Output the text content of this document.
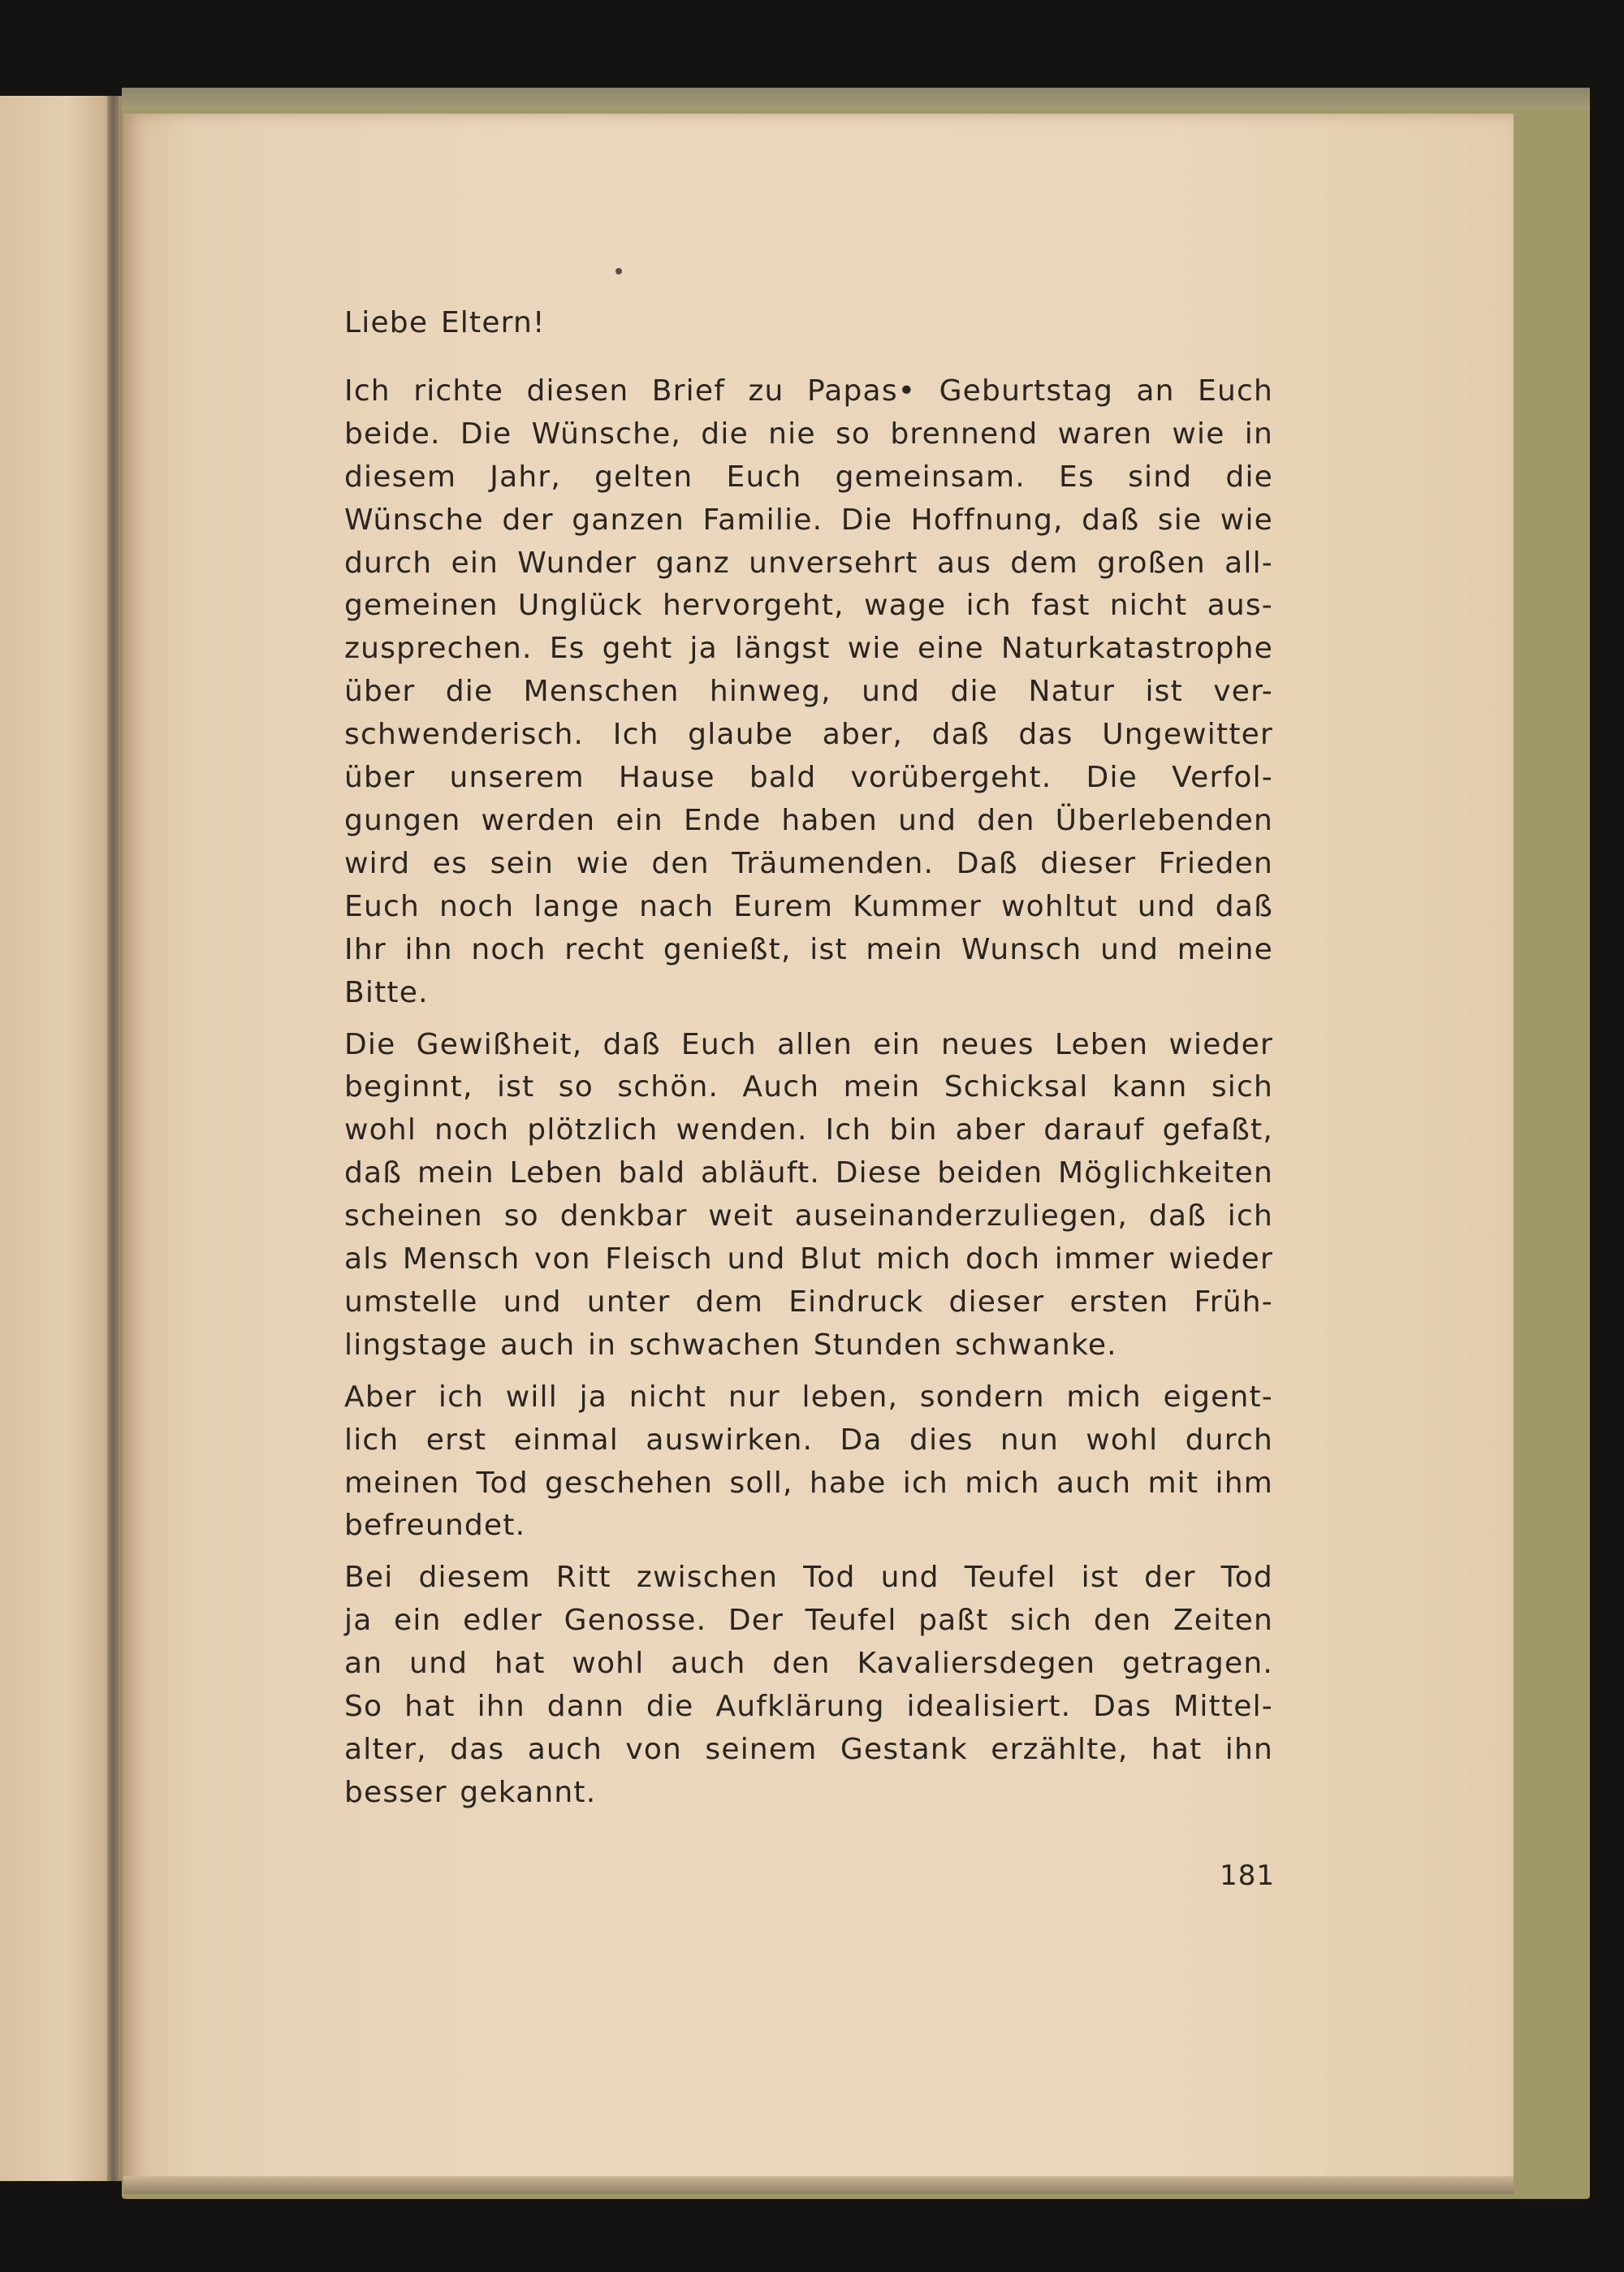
Liebe Eltern!
Ich richte diesen Brief zu Papas• Geburtstag an Euch
beide. Die Wünsche, die nie so brennend waren wie in
diesem Jahr, gelten Euch gemeinsam. Es sind die
Wünsche der ganzen Familie. Die Hoffnung, daß sie wie
durch ein Wunder ganz unversehrt aus dem großen all-
gemeinen Unglück hervorgeht, wage ich fast nicht aus-
zusprechen. Es geht ja längst wie eine Naturkatastrophe
über die Menschen hinweg, und die Natur ist ver-
schwenderisch. Ich glaube aber, daß das Ungewitter
über unserem Hause bald vorübergeht. Die Verfol-
gungen werden ein Ende haben und den Überlebenden
wird es sein wie den Träumenden. Daß dieser Frieden
Euch noch lange nach Eurem Kummer wohltut und daß
Ihr ihn noch recht genießt, ist mein Wunsch und meine
Bitte.
Die Gewißheit, daß Euch allen ein neues Leben wieder
beginnt, ist so schön. Auch mein Schicksal kann sich
wohl noch plötzlich wenden. Ich bin aber darauf gefaßt,
daß mein Leben bald abläuft. Diese beiden Möglichkeiten
scheinen so denkbar weit auseinanderzuliegen, daß ich
als Mensch von Fleisch und Blut mich doch immer wieder
umstelle und unter dem Eindruck dieser ersten Früh-
lingstage auch in schwachen Stunden schwanke.
Aber ich will ja nicht nur leben, sondern mich eigent-
lich erst einmal auswirken. Da dies nun wohl durch
meinen Tod geschehen soll, habe ich mich auch mit ihm
befreundet.
Bei diesem Ritt zwischen Tod und Teufel ist der Tod
ja ein edler Genosse. Der Teufel paßt sich den Zeiten
an und hat wohl auch den Kavaliersdegen getragen.
So hat ihn dann die Aufklärung idealisiert. Das Mittel-
alter, das auch von seinem Gestank erzählte, hat ihn
besser gekannt.
181
